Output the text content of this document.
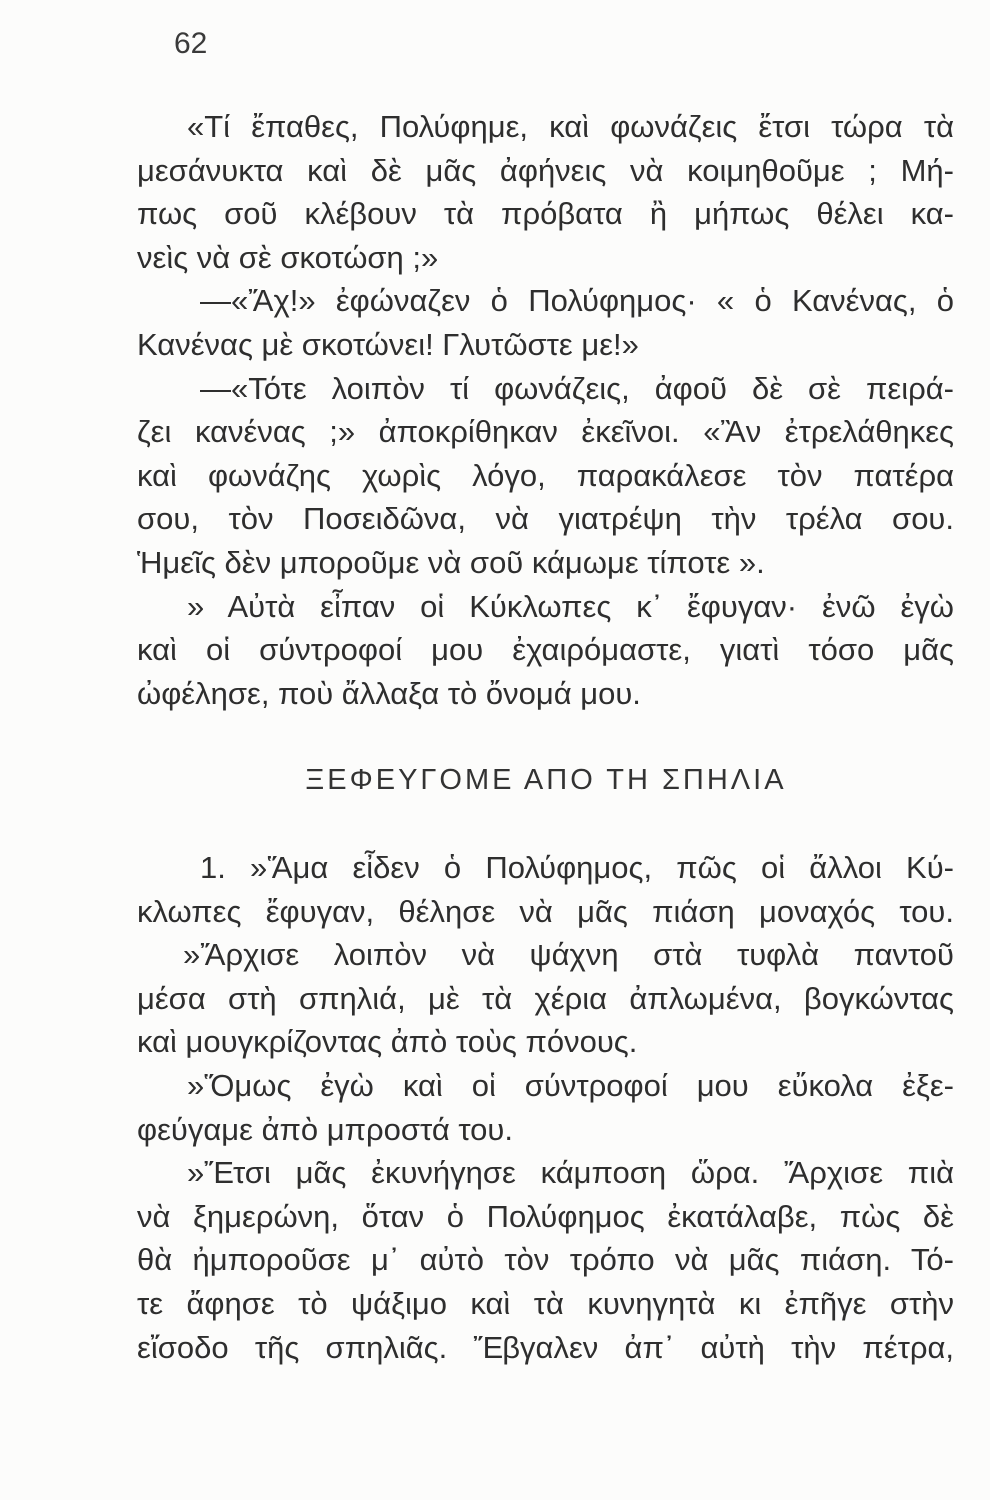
62
«Τί ἔπαθες, Πολύφημε, καὶ φωνάζεις ἔτσι τώρα τὰ
μεσάνυκτα καὶ δὲ μᾶς ἀφήνεις νὰ κοιμηθοῦμε ; Μή-
πως σοῦ κλέβουν τὰ πρόβατα ἢ μήπως θέλει κα-
νεὶς νὰ σὲ σκοτώση ;»
—«Ἄχ!» ἐφώναζεν ὁ Πολύφημος· « ὁ Κανένας, ὁ
Κανένας μὲ σκοτώνει! Γλυτῶστε με!»
—«Τότε λοιπὸν τί φωνάζεις, ἀφοῦ δὲ σὲ πειρά-
ζει κανένας ;» ἀποκρίθηκαν ἐκεῖνοι. «Ἂν ἐτρελάθηκες
καὶ φωνάζης χωρὶς λόγο, παρακάλεσε τὸν πατέρα
σου, τὸν Ποσειδῶνα, νὰ γιατρέψη τὴν τρέλα σου.
Ἡμεῖς δὲν μποροῦμε νὰ σοῦ κάμωμε τίποτε ».
» Αὐτὰ εἶπαν οἱ Κύκλωπες κ᾿ ἔφυγαν· ἐνῶ ἐγὼ
καὶ οἱ σύντροφοί μου ἐχαιρόμαστε, γιατὶ τόσο μᾶς
ὠφέλησε, ποὺ ἄλλαξα τὸ ὄνομά μου.
ΞΕΦΕΥΓΟΜΕ ΑΠΟ ΤΗ ΣΠΗΛΙΑ
1. »Ἅμα εἶδεν ὁ Πολύφημος, πῶς οἱ ἄλλοι Κύ-
κλωπες ἔφυγαν, θέλησε νὰ μᾶς πιάση μοναχός του.
»Ἄρχισε λοιπὸν νὰ ψάχνη στὰ τυφλὰ παντοῦ
μέσα στὴ σπηλιά, μὲ τὰ χέρια ἀπλωμένα, βογκώντας
καὶ μουγκρίζοντας ἀπὸ τοὺς πόνους.
»Ὅμως ἐγὼ καὶ οἱ σύντροφοί μου εὔκολα ἐξε-
φεύγαμε ἀπὸ μπροστά του.
»Ἔτσι μᾶς ἐκυνήγησε κάμποση ὥρα. Ἄρχισε πιὰ
νὰ ξημερώνη, ὅταν ὁ Πολύφημος ἐκατάλαβε, πὼς δὲ
θὰ ἠμποροῦσε μ᾿ αὐτὸ τὸν τρόπο νὰ μᾶς πιάση. Τό-
τε ἄφησε τὸ ψάξιμο καὶ τὰ κυνηγητὰ κι ἐπῆγε στὴν
εἴσοδο τῆς σπηλιᾶς. Ἔβγαλεν ἀπ᾿ αὐτὴ τὴν πέτρα,
